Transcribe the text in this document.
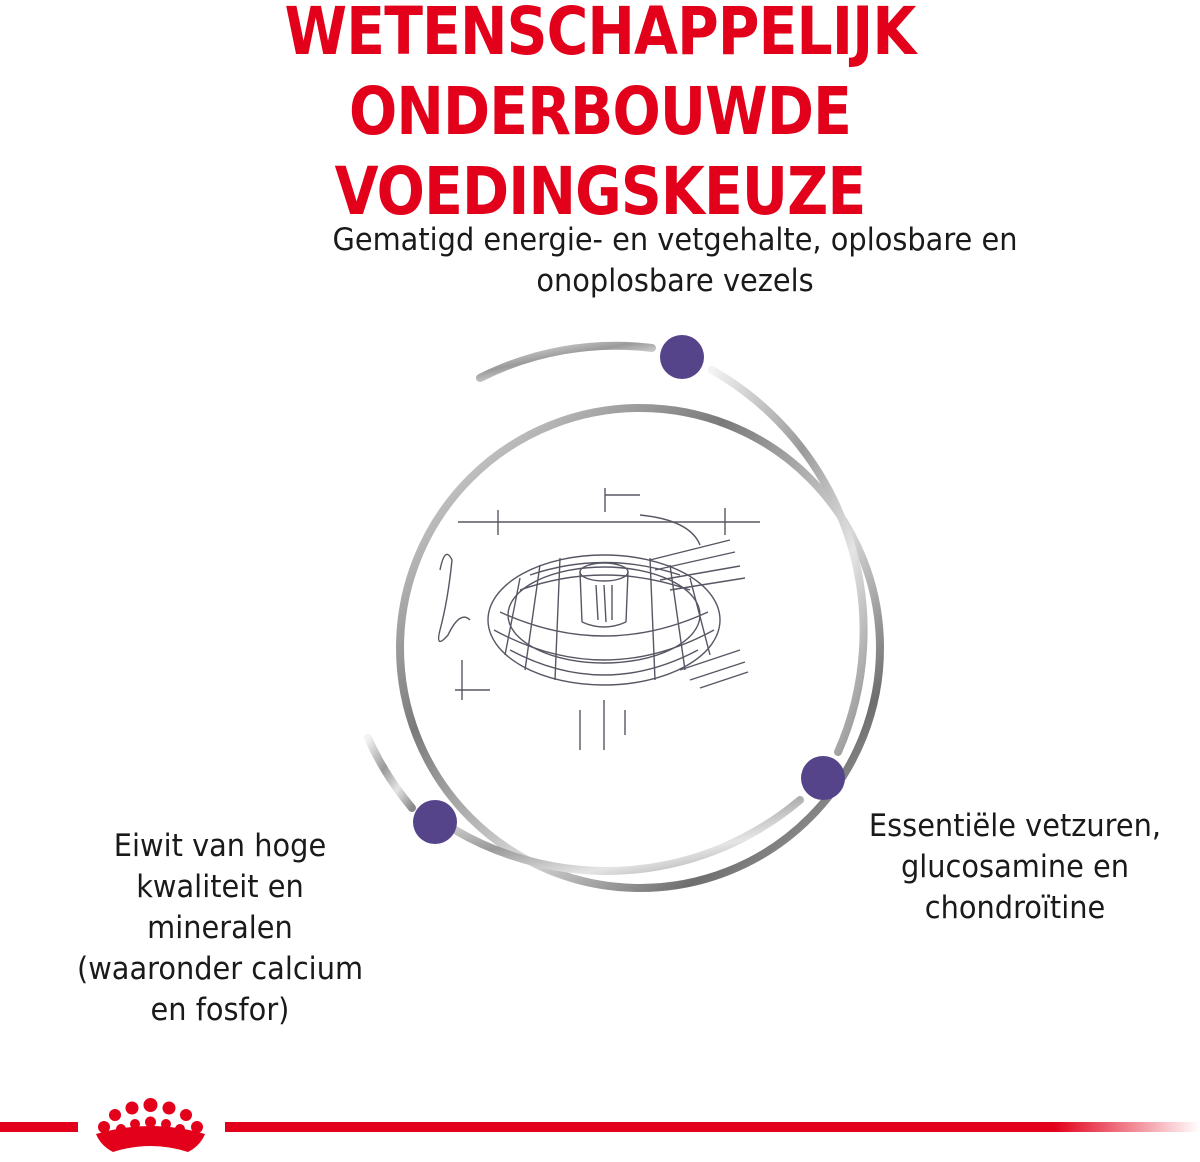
WETENSCHAPPELIJK ONDERBOUWDE
VOEDINGSKEUZE
Gematigd energie- en vetgehalte, oplosbare en
onoplosbare vezels
Eiwit van hoge
kwaliteit en
mineralen
(waaronder calcium
en fosfor)
Essentiële vetzuren,
glucosamine en
chondroïtine
